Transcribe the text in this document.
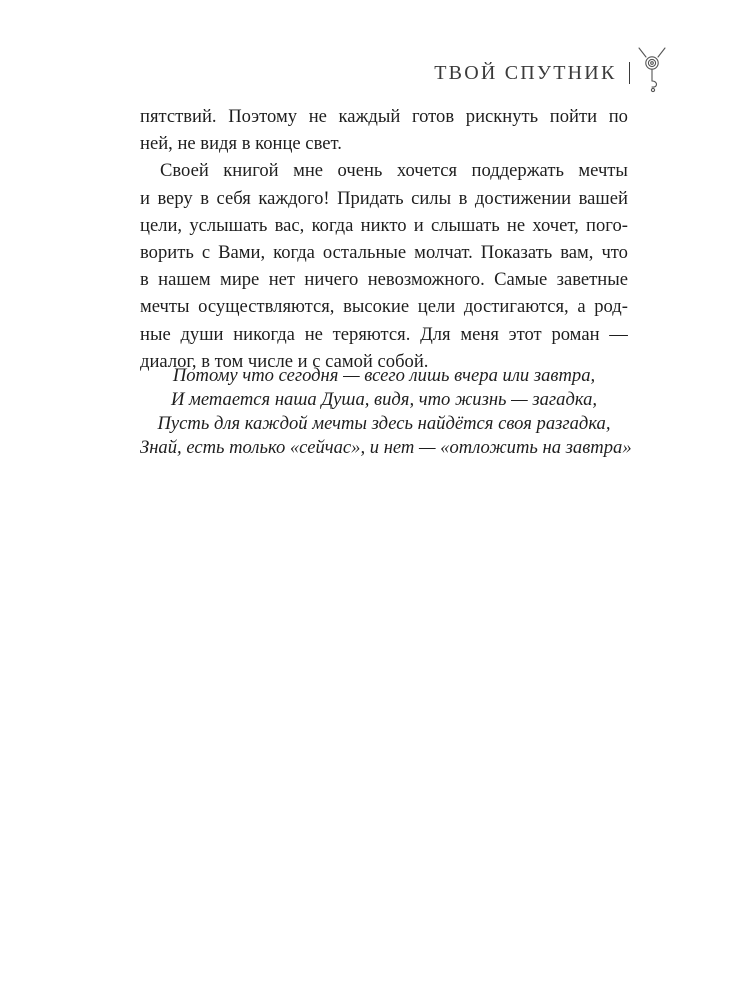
ТВОЙ СПУТНИК
пятствий. Поэтому не каждый готов рискнуть пойти по
ней, не видя в конце свет.
Своей книгой мне очень хочется поддержать мечты
и веру в себя каждого! Придать силы в достижении вашей
цели, услышать вас, когда никто и слышать не хочет, пого-
ворить с Вами, когда остальные молчат. Показать вам, что
в нашем мире нет ничего невозможного. Самые заветные
мечты осуществляются, высокие цели достигаются, а род-
ные души никогда не теряются. Для меня этот роман —
диалог, в том числе и с самой собой.
Потому что сегодня — всего лишь вчера или завтра,
И метается наша Душа, видя, что жизнь — загадка,
Пусть для каждой мечты здесь найдётся своя разгадка,
Знай, есть только «сейчас», и нет — «отложить на завтра»
